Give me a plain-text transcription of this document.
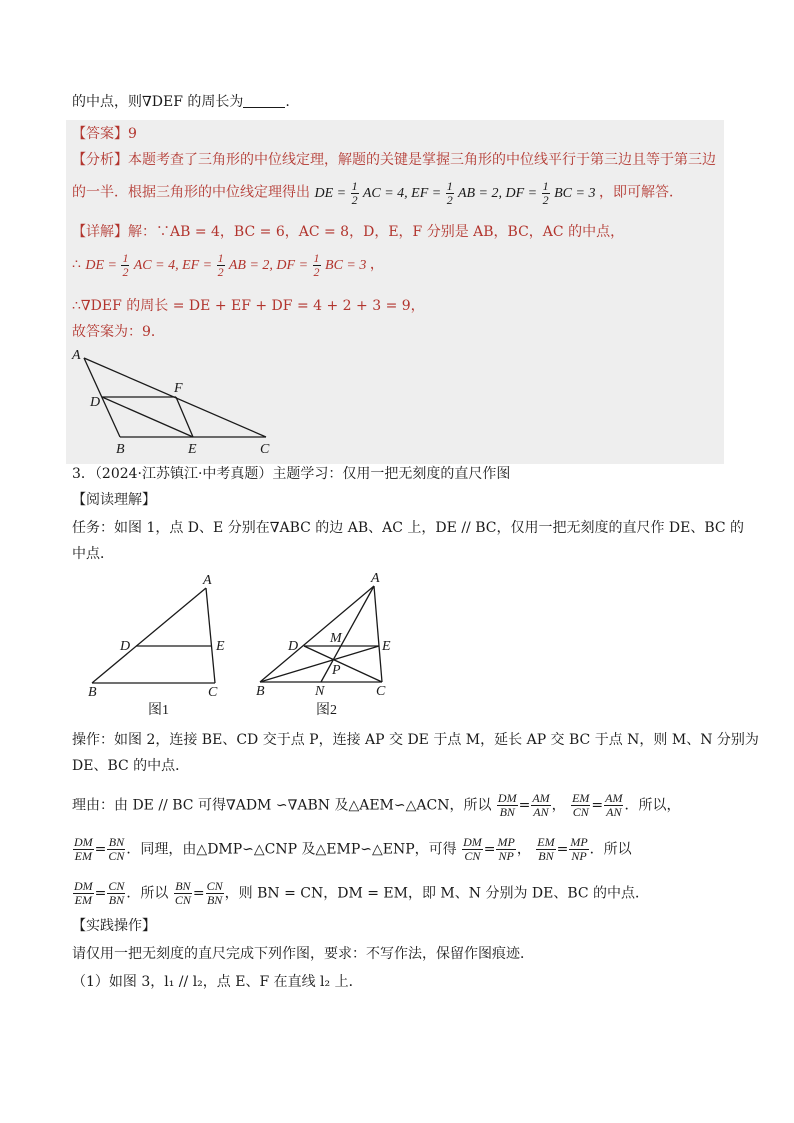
的中点，则∇DEF 的周长为	.
【答案】9
【分析】本题考查了三角形的中位线定理，解题的关键是掌握三角形的中位线平行于第三边且等于第三边
的一半．根据三角形的中位线定理得出 DE = $\frac{1}{2}$ AC = 4, EF = $\frac{1}{2}$ AB = 2, DF = $\frac{1}{2}$ BC = 3 ，即可解答．
【详解】解：∵AB = 4，BC = 6，AC = 8，D，E，F 分别是 AB，BC，AC 的中点，
∴ DE = $\frac{1}{2}$ AC = 4, EF = $\frac{1}{2}$ AB = 2, DF = $\frac{1}{2}$ BC = 3 ，
∴∇DEF 的周长 = DE + EF + DF = 4 + 2 + 3 = 9，
故答案为：9．
A
F
D
B	E	C
3．（2024·江苏镇江·中考真题）主题学习：仅用一把无刻度的直尺作图
【阅读理解】
任务：如图 1，点 D、E 分别在∇ABC 的边 AB、AC 上，DE // BC，仅用一把无刻度的直尺作 DE、BC 的
中点．
A
D	E
B	C
图1
A
M
D	E
P
B	N	C
图2
操作：如图 2，连接 BE、CD 交于点 P，连接 AP 交 DE 于点 M，延长 AP 交 BC 于点 N，则 M、N 分别为
DE、BC 的中点．
理由：由 DE // BC 可得∇ADM ∽∇ABN 及△AEM∽△ACN，所以 $\frac{DM}{BN} = \frac{AM}{AN}$ ， $\frac{EM}{CN} = \frac{AM}{AN}$ ．所以，
$\frac{DM}{EM} = \frac{BN}{CN}$ ．同理，由△DMP∽△CNP 及△EMP∽△ENP，可得 $\frac{DM}{CN} = \frac{MP}{NP}$ ， $\frac{EM}{BN} = \frac{MP}{NP}$ ．所以
$\frac{DM}{EM} = \frac{CN}{BN}$ ．所以 $\frac{BN}{CN} = \frac{CN}{BN}$ ，则 BN = CN，DM = EM，即 M、N 分别为 DE、BC 的中点．
【实践操作】
请仅用一把无刻度的直尺完成下列作图，要求：不写作法，保留作图痕迹．
（1）如图 3，l₁ // l₂，点 E、F 在直线 l₂ 上．
